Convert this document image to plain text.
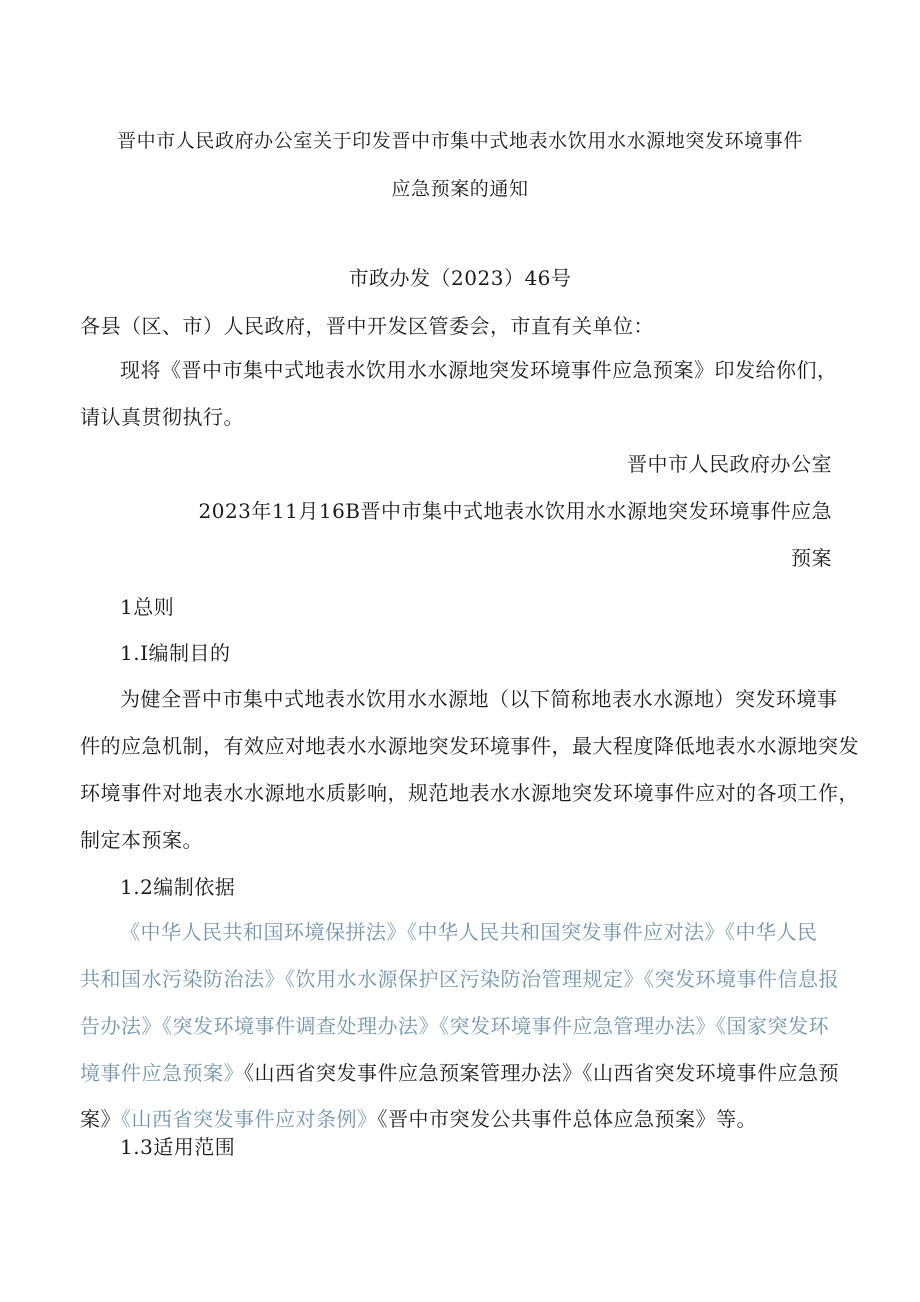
晋中市人民政府办公室关于印发晋中市集中式地表水饮用水水源地突发环境事件
应急预案的通知
市政办发（2023）46号
各县（区、市）人民政府，晋中开发区管委会，市直有关单位：
现将《晋中市集中式地表水饮用水水源地突发环境事件应急预案》印发给你们，
请认真贯彻执行。
晋中市人民政府办公室
2023年11月16B晋中市集中式地表水饮用水水源地突发环境事件应急
预案
1总则
1.I编制目的
为健全晋中市集中式地表水饮用水水源地（以下简称地表水水源地）突发环境事
件的应急机制，有效应对地表水水源地突发环境事件，最大程度降低地表水水源地突发
环境事件对地表水水源地水质影响，规范地表水水源地突发环境事件应对的各项工作，
制定本预案。
1.2编制依据
《中华人民共和国环境保拼法》《中华人民共和国突发事件应对法》《中华人民
共和国水污染防治法》《饮用水水源保护区污染防治管理规定》《突发环境事件信息报
告办法》《突发环境事件调查处理办法》《突发环境事件应急管理办法》《国家突发环
境事件应急预案》《山西省突发事件应急预案管理办法》《山西省突发环境事件应急预
案》《山西省突发事件应对条例》《晋中市突发公共事件总体应急预案》等。
1.3适用范围
